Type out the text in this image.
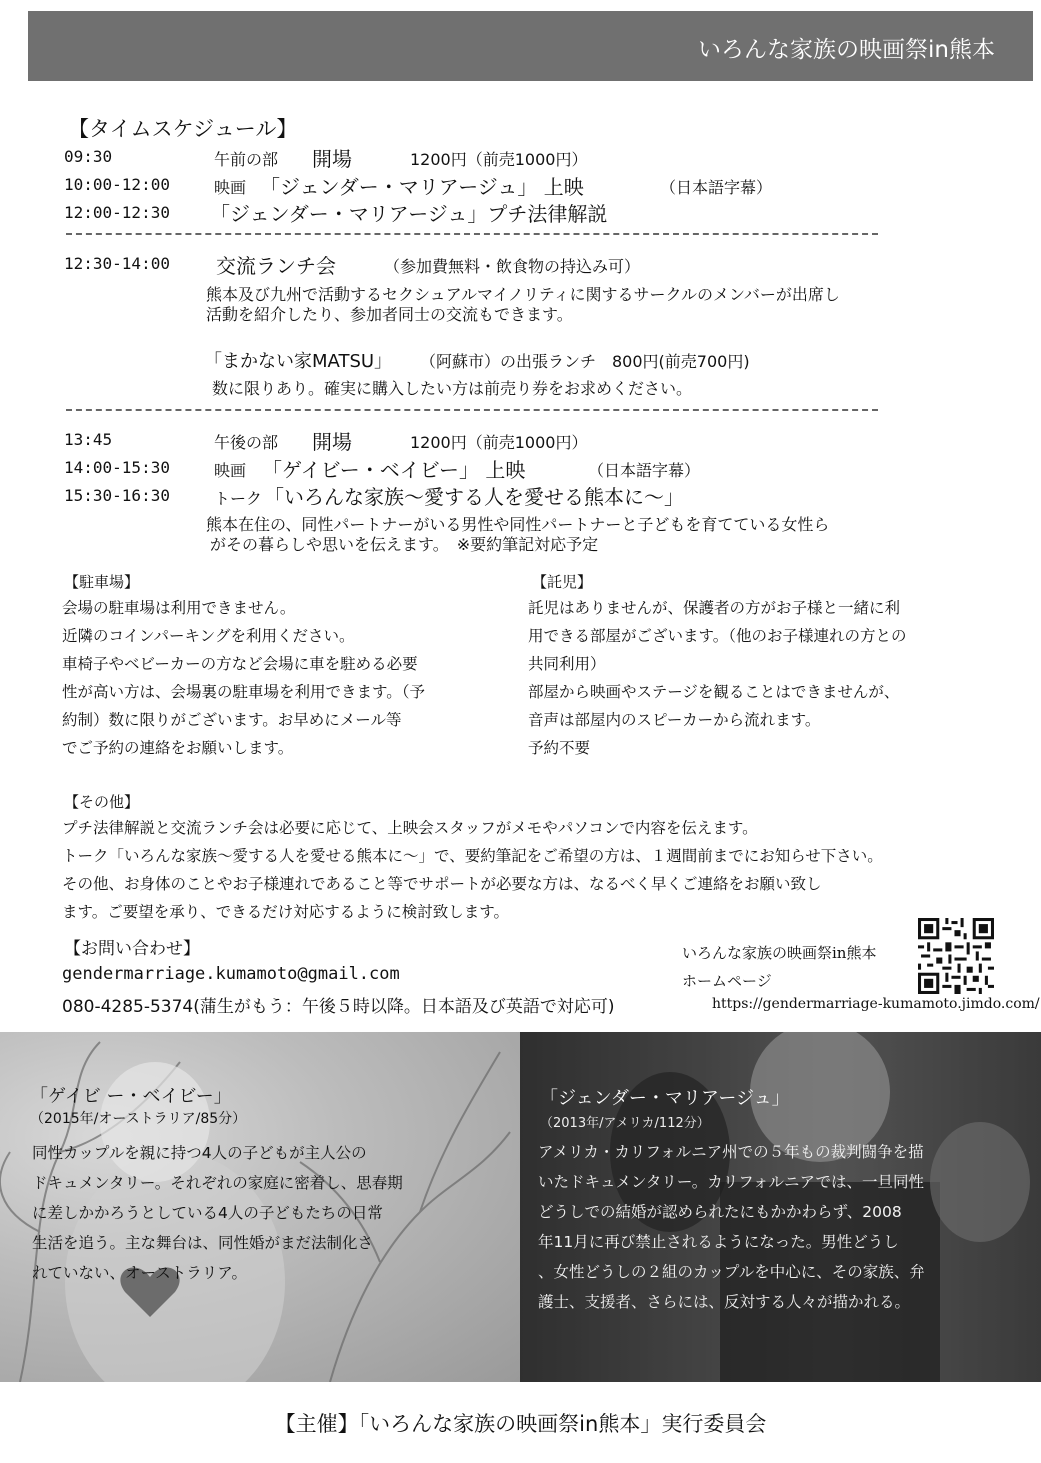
いろんな家族の映画祭in熊本
【タイムスケジュール】
09:30	午前の部 開場	1200円（前売1000円）
10:00-12:00	映画 「ジェンダー・マリアージュ」 上映	（日本語字幕）
12:00-12:30 「ジェンダー・マリアージュ」プチ法律解説
12:30-14:00 交流ランチ会	（参加費無料・飲食物の持込み可）
熊本及び九州で活動するセクシュアルマイノリティに関するサークルのメンバーが出席し
活動を紹介したり、参加者同士の交流もできます。
「まかない家MATSU」 （阿蘇市）の出張ランチ　800円(前売700円)
数に限りあり。確実に購入したい方は前売り券をお求めください。
13:45	午後の部 開場	1200円（前売1000円）
14:00-15:30	映画 「ゲイビー・ベイビー」 上映	（日本語字幕）
15:30-16:30	トーク 「いろんな家族〜愛する人を愛せる熊本に〜」
熊本在住の、同性パートナーがいる男性や同性パートナーと子どもを育てている女性ら
がその暮らしや思いを伝えます。　※要約筆記対応予定
【駐車場】
会場の駐車場は利用できません。
近隣のコインパーキングを利用ください。
車椅子やベビーカーの方など会場に車を駐める必要
性が高い方は、会場裏の駐車場を利用できます。（予
約制）数に限りがございます。お早めにメール等
でご予約の連絡をお願いします。
【託児】
託児はありませんが、保護者の方がお子様と一緒に利
用できる部屋がございます。（他のお子様連れの方との
共同利用）
部屋から映画やステージを観ることはできませんが、
音声は部屋内のスピーカーから流れます。
予約不要
【その他】
プチ法律解説と交流ランチ会は必要に応じて、上映会スタッフがメモやパソコンで内容を伝えます。
トーク「いろんな家族〜愛する人を愛せる熊本に〜」で、要約筆記をご希望の方は、１週間前までにお知らせ下さい。
その他、お身体のことやお子様連れであること等でサポートが必要な方は、なるべく早くご連絡をお願い致し
ます。ご要望を承り、できるだけ対応するように検討致します。
【お問い合わせ】
gendermarriage.kumamoto@gmail.com
080-4285-5374(蒲生がもう：午後５時以降。日本語及び英語で対応可)
いろんな家族の映画祭in熊本
ホームページ
https://gendermarriage-kumamoto.jimdo.com/
「ゲイビ ー・ベイビー」
（2015年/オーストラリア/85分）
同性カップルを親に持つ4人の子どもが主人公の
ドキュメンタリー。それぞれの家庭に密着し、思春期
に差しかかろうとしている4人の子どもたちの日常
生活を追う。主な舞台は、同性婚がまだ法制化さ
れていない、オーストラリア。
「ジェンダー・マリアージュ」
（2013年/アメリカ/112分）
アメリカ・カリフォルニア州での５年もの裁判闘争を描
いたドキュメンタリー。カリフォルニアでは、一旦同性
どうしでの結婚が認められたにもかかわらず、2008
年11月に再び禁止されるようになった。男性どうし
、女性どうしの２組のカップルを中心に、その家族、弁
護士、支援者、さらには、反対する人々が描かれる。
【主催】「いろんな家族の映画祭in熊本」実行委員会
